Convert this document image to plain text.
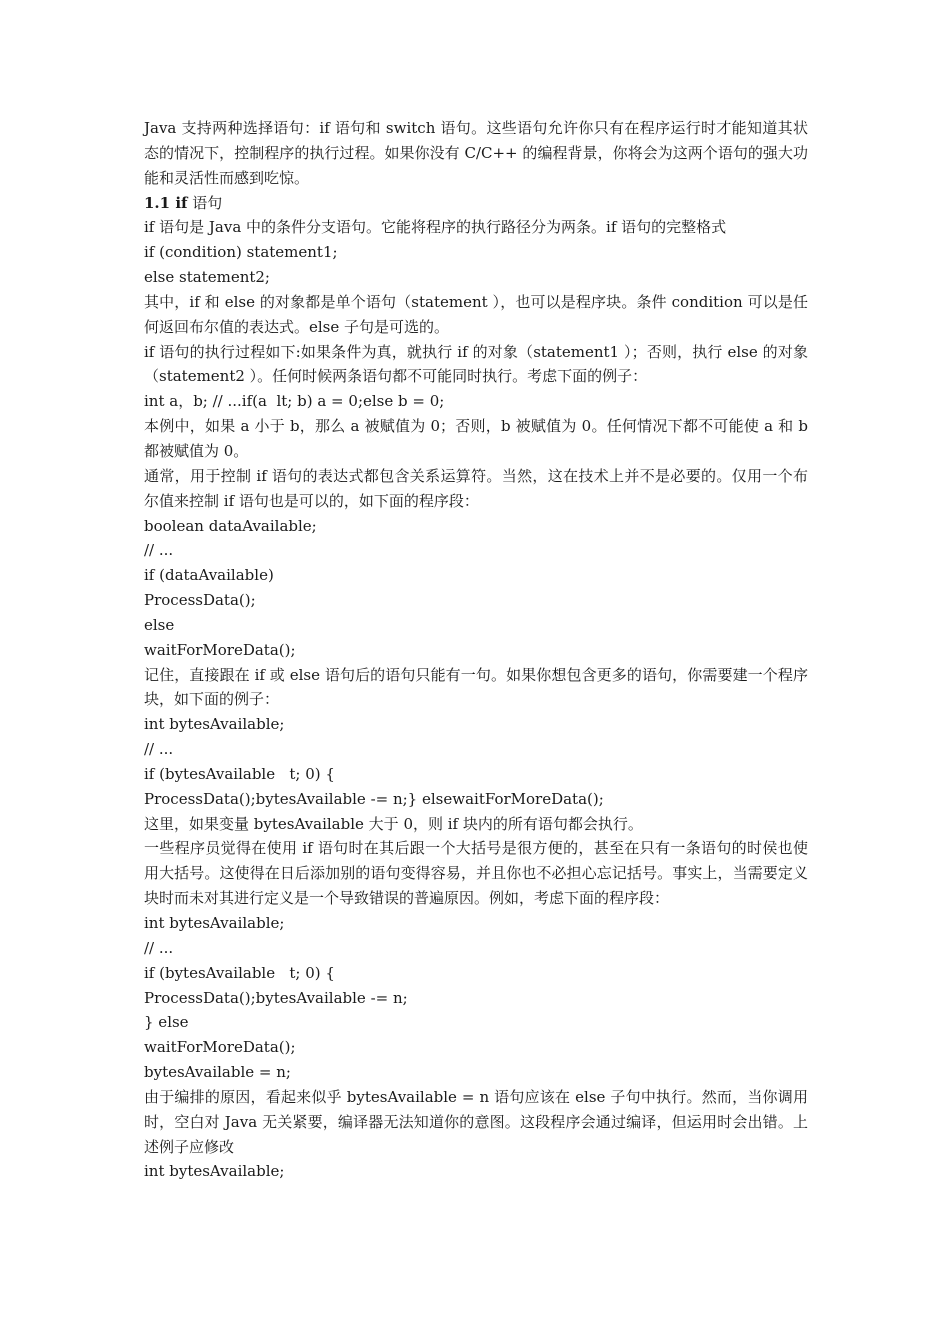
Java 支持两种选择语句：if 语句和 switch 语句。这些语句允许你只有在程序运行时才能知道其状态的情况下，控制程序的执行过程。如果你没有 C/C++ 的编程背景，你将会为这两个语句的强大功能和灵活性而感到吃惊。

1.1 if 语句

if 语句是 Java 中的条件分支语句。它能将程序的执行路径分为两条。if 语句的完整格式

if (condition) statement1;

else statement2;

其中，if 和 else 的对象都是单个语句（statement ），也可以是程序块。条件 condition 可以是任何返回布尔值的表达式。else 子句是可选的。

if 语句的执行过程如下:如果条件为真，就执行 if 的对象（statement1 ）；否则，执行 else 的对象（statement2 ）。任何时候两条语句都不可能同时执行。考虑下面的例子：

int a，b; // ...if(a  lt; b) a = 0;else b = 0;

本例中，如果 a 小于 b，那么 a 被赋值为 0；否则，b 被赋值为 0。任何情况下都不可能使 a 和 b 都被赋值为 0。

通常，用于控制 if 语句的表达式都包含关系运算符。当然，这在技术上并不是必要的。仅用一个布尔值来控制 if 语句也是可以的，如下面的程序段：

boolean dataAvailable;

// ...

if (dataAvailable)

ProcessData();

else

waitForMoreData();

记住，直接跟在 if 或 else 语句后的语句只能有一句。如果你想包含更多的语句，你需要建一个程序块，如下面的例子：

int bytesAvailable;

// ...

if (bytesAvailable   t; 0) {

ProcessData();bytesAvailable -= n;} elsewaitForMoreData();

这里，如果变量 bytesAvailable 大于 0，则 if 块内的所有语句都会执行。

一些程序员觉得在使用 if 语句时在其后跟一个大括号是很方便的，甚至在只有一条语句的时侯也使用大括号。这使得在日后添加别的语句变得容易，并且你也不必担心忘记括号。事实上，当需要定义块时而未对其进行定义是一个导致错误的普遍原因。例如，考虑下面的程序段：

int bytesAvailable;

// ...

if (bytesAvailable   t; 0) {

ProcessData();bytesAvailable -= n;

} else

waitForMoreData();

bytesAvailable = n;

由于编排的原因，看起来似乎 bytesAvailable = n 语句应该在 else 子句中执行。然而，当你调用时，空白对 Java 无关紧要，编译器无法知道你的意图。这段程序会通过编译，但运用时会出错。上述例子应修改

int bytesAvailable;
